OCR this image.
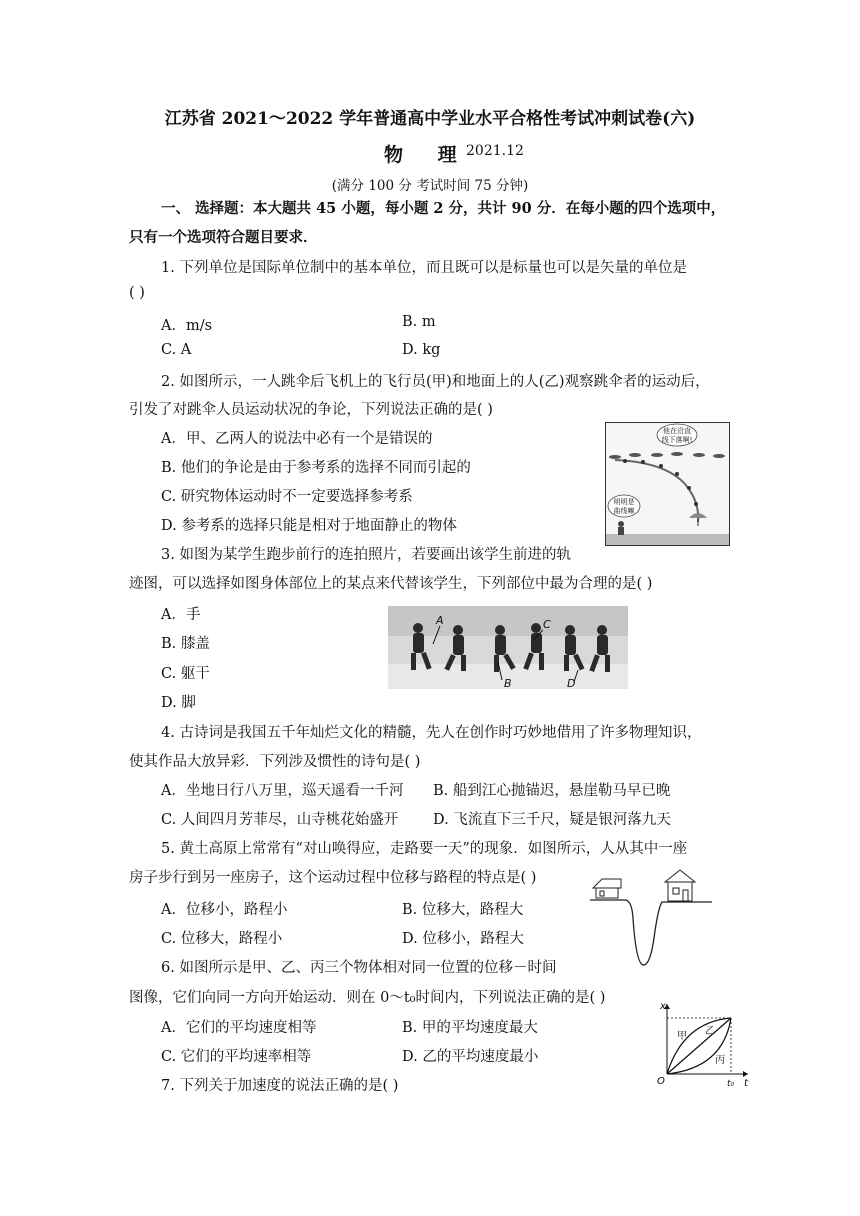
江苏省 2021～2022 学年普通高中学业水平合格性考试冲刺试卷(六)
物 理
2021.12
(满分 100 分 考试时间 75 分钟)
一、 选择题：本大题共 45 小题，每小题 2 分，共计 90 分．在每小题的四个选项中，
只有一个选项符合题目要求．
1. 下列单位是国际单位制中的基本单位，而且既可以是标量也可以是矢量的单位是
( )
A．m/s	B. m
C. A	D. kg
2. 如图所示，一人跳伞后飞机上的飞行员(甲)和地面上的人(乙)观察跳伞者的运动后，
引发了对跳伞人员运动状况的争论，下列说法正确的是( )
A．甲、乙两人的说法中必有一个是错误的
B. 他们的争论是由于参考系的选择不同而引起的
C. 研究物体运动时不一定要选择参考系
D. 参考系的选择只能是相对于地面静止的物体
他在沿直
线下落啊!
明明是
曲线嘛
3. 如图为某学生跑步前行的连拍照片，若要画出该学生前进的轨
迹图，可以选择如图身体部位上的某点来代替该学生，下列部位中最为合理的是( )
A．手
B. 膝盖
C. 躯干
D. 脚
A
B
C
D
4. 古诗词是我国五千年灿烂文化的精髓，先人在创作时巧妙地借用了许多物理知识，
使其作品大放异彩．下列涉及惯性的诗句是( )
A．坐地日行八万里，巡天遥看一千河 B. 船到江心抛锚迟，悬崖勒马早已晚
C. 人间四月芳菲尽，山寺桃花始盛开 D. 飞流直下三千尺，疑是银河落九天
5. 黄土高原上常常有“对山唤得应，走路要一天”的现象．如图所示，人从其中一座
房子步行到另一座房子，这个运动过程中位移与路程的特点是( )
A．位移小，路程小	B. 位移大，路程大
C. 位移大，路程小	D. 位移小，路程大
6. 如图所示是甲、乙、丙三个物体相对同一位置的位移－时间
图像，它们向同一方向开始运动．则在 0～t₀时间内，下列说法正确的是( )
A．它们的平均速度相等	B. 甲的平均速度最大
C. 它们的平均速率相等	D. 乙的平均速度最小
x
t
O	t₀
甲 乙
丙
7. 下列关于加速度的说法正确的是( )
